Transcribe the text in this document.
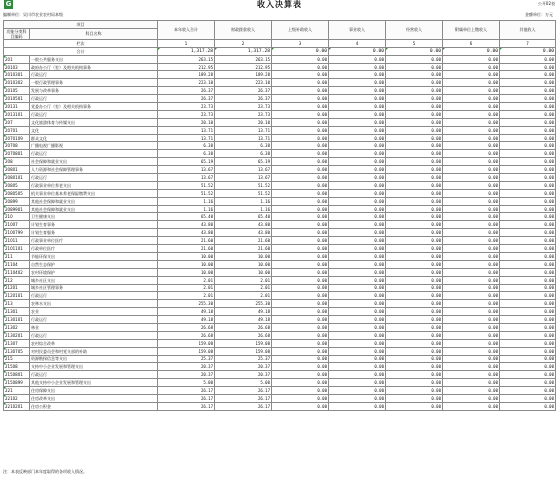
G	收入决算表	公开02表
编制单位：吴川市农业农村局本级	金额单位：万元
项目		本年收入合计	财政拨款收入	上级补助收入	事业收入	经营收入	附属单位上缴收入	其他收入
功能分类科目编码	科目名称							
栏次		1	2	3	4	5	6	7
合计		1,317.28	1,317.28	0.00	0.00	0.00	0.00	0.00
201	一般公共服务支出	263.15	263.15	0.00	0.00	0.00	0.00	0.00
20103	政府办公厅（室）及相关机构事务	212.95	212.95	0.00	0.00	0.00	0.00	0.00
2010301	行政运行	189.28	189.28	0.00	0.00	0.00	0.00	0.00
2010302	一般行政管理事务	223.10	223.10	0.00	0.00	0.00	0.00	0.00
20105	发展与改革事务	26.37	26.37	0.00	0.00	0.00	0.00	0.00
2010501	行政运行	26.37	26.37	0.00	0.00	0.00	0.00	0.00
20131	党委办公厅（室）及相关机构事务	23.73	23.73	0.00	0.00	0.00	0.00	0.00
2013101	行政运行	23.73	23.73	0.00	0.00	0.00	0.00	0.00
207	文化旅游体育与传媒支出	20.10	20.10	0.00	0.00	0.00	0.00	0.00
20701	文化	13.71	13.71	0.00	0.00	0.00	0.00	0.00
2070109	群众文化	13.71	13.71	0.00	0.00	0.00	0.00	0.00
20708	广播电视广播影视	6.38	6.38	0.00	0.00	0.00	0.00	0.00
2070801	行政运行	6.38	6.38	0.00	0.00	0.00	0.00	0.00
208	社会保障和就业支出	65.19	65.19	0.00	0.00	0.00	0.00	0.00
20801	人力资源和社会保障管理事务	13.67	13.67	0.00	0.00	0.00	0.00	0.00
2080101	行政运行	13.67	13.67	0.00	0.00	0.00	0.00	0.00
20805	行政事业单位养老支出	51.52	51.52	0.00	0.00	0.00	0.00	0.00
2080505	机关事业单位基本养老保险缴费支出	51.52	51.52	0.00	0.00	0.00	0.00	0.00
20899	其他社会保障和就业支出	1.16	1.16	0.00	0.00	0.00	0.00	0.00
2089901	其他社会保障和就业支出	1.16	1.16	0.00	0.00	0.00	0.00	0.00
210	卫生健康支出	65.40	65.40	0.00	0.00	0.00	0.00	0.00
21007	计划生育事务	43.80	43.80	0.00	0.00	0.00	0.00	0.00
2100799	计划生育服务	43.80	43.80	0.00	0.00	0.00	0.00	0.00
21011	行政事业单位医疗	21.60	21.60	0.00	0.00	0.00	0.00	0.00
2101101	行政单位医疗	21.60	21.60	0.00	0.00	0.00	0.00	0.00
211	节能环保支出	10.00	10.00	0.00	0.00	0.00	0.00	0.00
21104	自然生态保护	10.00	10.00	0.00	0.00	0.00	0.00	0.00
2110402	农村环境保护	10.00	10.00	0.00	0.00	0.00	0.00	0.00
212	城乡社区支出	2.01	2.01	0.00	0.00	0.00	0.00	0.00
21201	城乡社区管理事务	2.01	2.01	0.00	0.00	0.00	0.00	0.00
2120101	行政运行	2.01	2.01	0.00	0.00	0.00	0.00	0.00
213	农林水支出	255.30	255.30	0.00	0.00	0.00	0.00	0.00
21301	农业	49.18	49.18	0.00	0.00	0.00	0.00	0.00
2130101	行政运行	49.18	49.18	0.00	0.00	0.00	0.00	0.00
21302	林业	26.68	26.68	0.00	0.00	0.00	0.00	0.00
2130201	行政运行	26.68	26.68	0.00	0.00	0.00	0.00	0.00
21307	农村综合改革	159.08	159.08	0.00	0.00	0.00	0.00	0.00
2130705	对村民委员会和村党支部的补助	159.08	159.08	0.00	0.00	0.00	0.00	0.00
215	资源勘探信息等支出	25.37	25.37	0.00	0.00	0.00	0.00	0.00
21508	支持中小企业发展和管理支出	20.37	20.37	0.00	0.00	0.00	0.00	0.00
2150801	行政运行	20.37	20.37	0.00	0.00	0.00	0.00	0.00
2150899	其他支持中小企业发展和管理支出	5.00	5.00	0.00	0.00	0.00	0.00	0.00
221	住房保障支出	26.17	26.17	0.00	0.00	0.00	0.00	0.00
22102	住房改革支出	26.17	26.17	0.00	0.00	0.00	0.00	0.00
2210201	住房公积金	26.17	26.17	0.00	0.00	0.00	0.00	0.00
注：本表反映部门本年度取得的各项收入情况。
